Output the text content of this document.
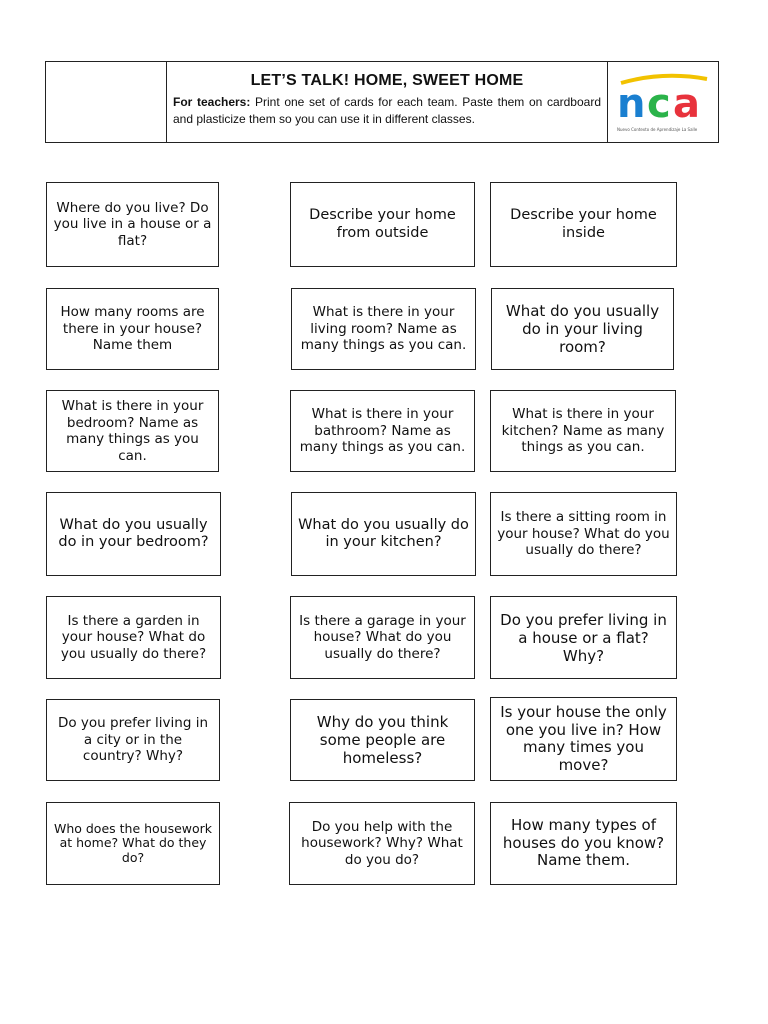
LET’S TALK! HOME, SWEET HOME
For teachers: Print one set of cards for each team. Paste them on cardboard and plasticize them so you can use it in different classes.	n c a
Nuevo Contexto de Aprendizaje La Salle
Where do you live? Do you live in a house or a flat?
Describe your home from outside
Describe your home inside
How many rooms are there in your house? Name them
What is there in your living room? Name as many things as you can.
What do you usually do in your living room?
What is there in your bedroom? Name as many things as you can.
What is there in your bathroom? Name as many things as you can.
What is there in your kitchen? Name as many things as you can.
What do you usually do in your bedroom?
What do you usually do in your kitchen?
Is there a sitting room in your house? What do you usually do there?
Is there a garden in your house? What do you usually do there?
Is there a garage in your house? What do you usually do there?
Do you prefer living in a house or a flat? Why?
Do you prefer living in a city or in the country? Why?
Why do you think some people are homeless?
Is your house the only one you live in? How many times you move?
Who does the housework at home? What do they do?
Do you help with the housework? Why? What do you do?
How many types of houses do you know? Name them.
